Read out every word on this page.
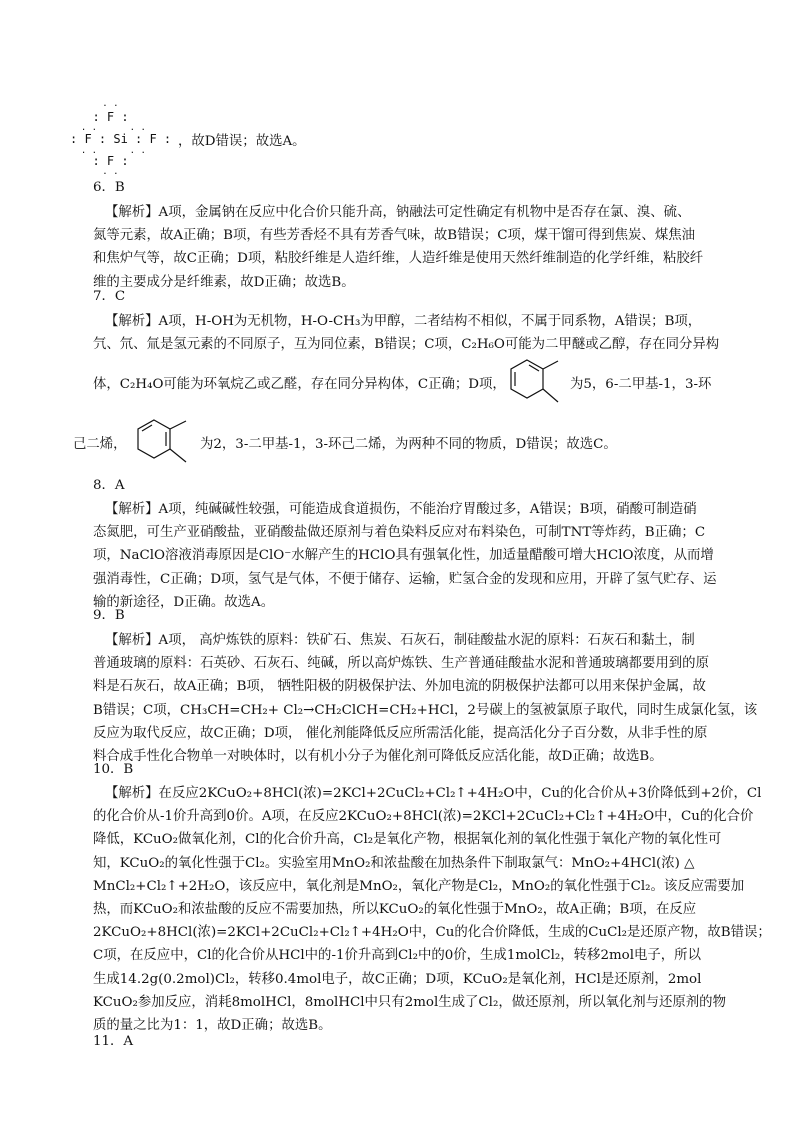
. .
: F :
. .      . .
: F : Si : F :
. .      . .
: F :
. .
，故D错误；故选A。
6．B
【解析】A项，金属钠在反应中化合价只能升高，钠融法可定性确定有机物中是否存在氯、溴、硫、
氮等元素，故A正确；B项，有些芳香烃不具有芳香气味，故B错误；C项，煤干馏可得到焦炭、煤焦油
和焦炉气等，故C正确；D项，粘胶纤维是人造纤维，人造纤维是使用天然纤维制造的化学纤维，粘胶纤
维的主要成分是纤维素，故D正确；故选B。
7．C
【解析】A项，H-OH为无机物，H-O-CH₃为甲醇，二者结构不相似，不属于同系物，A错误；B项，
氕、氘、氚是氢元素的不同原子，互为同位素，B错误；C项，C₂H₆O可能为二甲醚或乙醇，存在同分异构
体，C₂H₄O可能为环氧烷乙或乙醛，存在同分异构体，C正确；D项，	为5，6-二甲基-1，3-环
己二烯，	为2，3-二甲基-1，3-环己二烯，为两种不同的物质，D错误；故选C。
8．A
【解析】A项，纯碱碱性较强，可能造成食道损伤，不能治疗胃酸过多，A错误；B项，硝酸可制造硝
态氮肥，可生产亚硝酸盐，亚硝酸盐做还原剂与着色染料反应对布料染色，可制TNT等炸药，B正确；C
项，NaClO溶液消毒原因是ClO⁻水解产生的HClO具有强氧化性，加适量醋酸可增大HClO浓度，从而增
强消毒性，C正确；D项，氢气是气体，不便于储存、运输，贮氢合金的发现和应用，开辟了氢气贮存、运
输的新途径，D正确。故选A。
9．B
【解析】A项， 高炉炼铁的原料：铁矿石、焦炭、石灰石，制硅酸盐水泥的原料：石灰石和黏土，制
普通玻璃的原料：石英砂、石灰石、纯碱，所以高炉炼铁、生产普通硅酸盐水泥和普通玻璃都要用到的原
料是石灰石，故A正确；B项， 牺牲阳极的阴极保护法、外加电流的阴极保护法都可以用来保护金属，故
B错误；C项，CH₃CH=CH₂+ Cl₂→CH₂ClCH=CH₂+HCl，2号碳上的氢被氯原子取代，同时生成氯化氢，该
反应为取代反应，故C正确；D项， 催化剂能降低反应所需活化能，提高活化分子百分数，从非手性的原
料合成手性化合物单一对映体时，以有机小分子为催化剂可降低反应活化能，故D正确；故选B。
10．B
【解析】在反应2KCuO₂+8HCl(浓)=2KCl+2CuCl₂+Cl₂↑+4H₂O中，Cu的化合价从+3价降低到+2价，Cl
的化合价从-1价升高到0价。A项，在反应2KCuO₂+8HCl(浓)=2KCl+2CuCl₂+Cl₂↑+4H₂O中，Cu的化合价
降低，KCuO₂做氧化剂，Cl的化合价升高，Cl₂是氧化产物，根据氧化剂的氧化性强于氧化产物的氧化性可
知，KCuO₂的氧化性强于Cl₂。实验室用MnO₂和浓盐酸在加热条件下制取氯气：MnO₂+4HCl(浓) △
MnCl₂+Cl₂↑+2H₂O，该反应中，氧化剂是MnO₂，氧化产物是Cl₂，MnO₂的氧化性强于Cl₂。该反应需要加
热，而KCuO₂和浓盐酸的反应不需要加热，所以KCuO₂的氧化性强于MnO₂，故A正确；B项，在反应
2KCuO₂+8HCl(浓)=2KCl+2CuCl₂+Cl₂↑+4H₂O中，Cu的化合价降低，生成的CuCl₂是还原产物，故B错误；
C项，在反应中，Cl的化合价从HCl中的-1价升高到Cl₂中的0价，生成1molCl₂，转移2mol电子，所以
生成14.2g(0.2mol)Cl₂，转移0.4mol电子，故C正确；D项，KCuO₂是氧化剂，HCl是还原剂，2mol
KCuO₂参加反应，消耗8molHCl，8molHCl中只有2mol生成了Cl₂，做还原剂，所以氧化剂与还原剂的物
质的量之比为1：1，故D正确；故选B。
11．A
